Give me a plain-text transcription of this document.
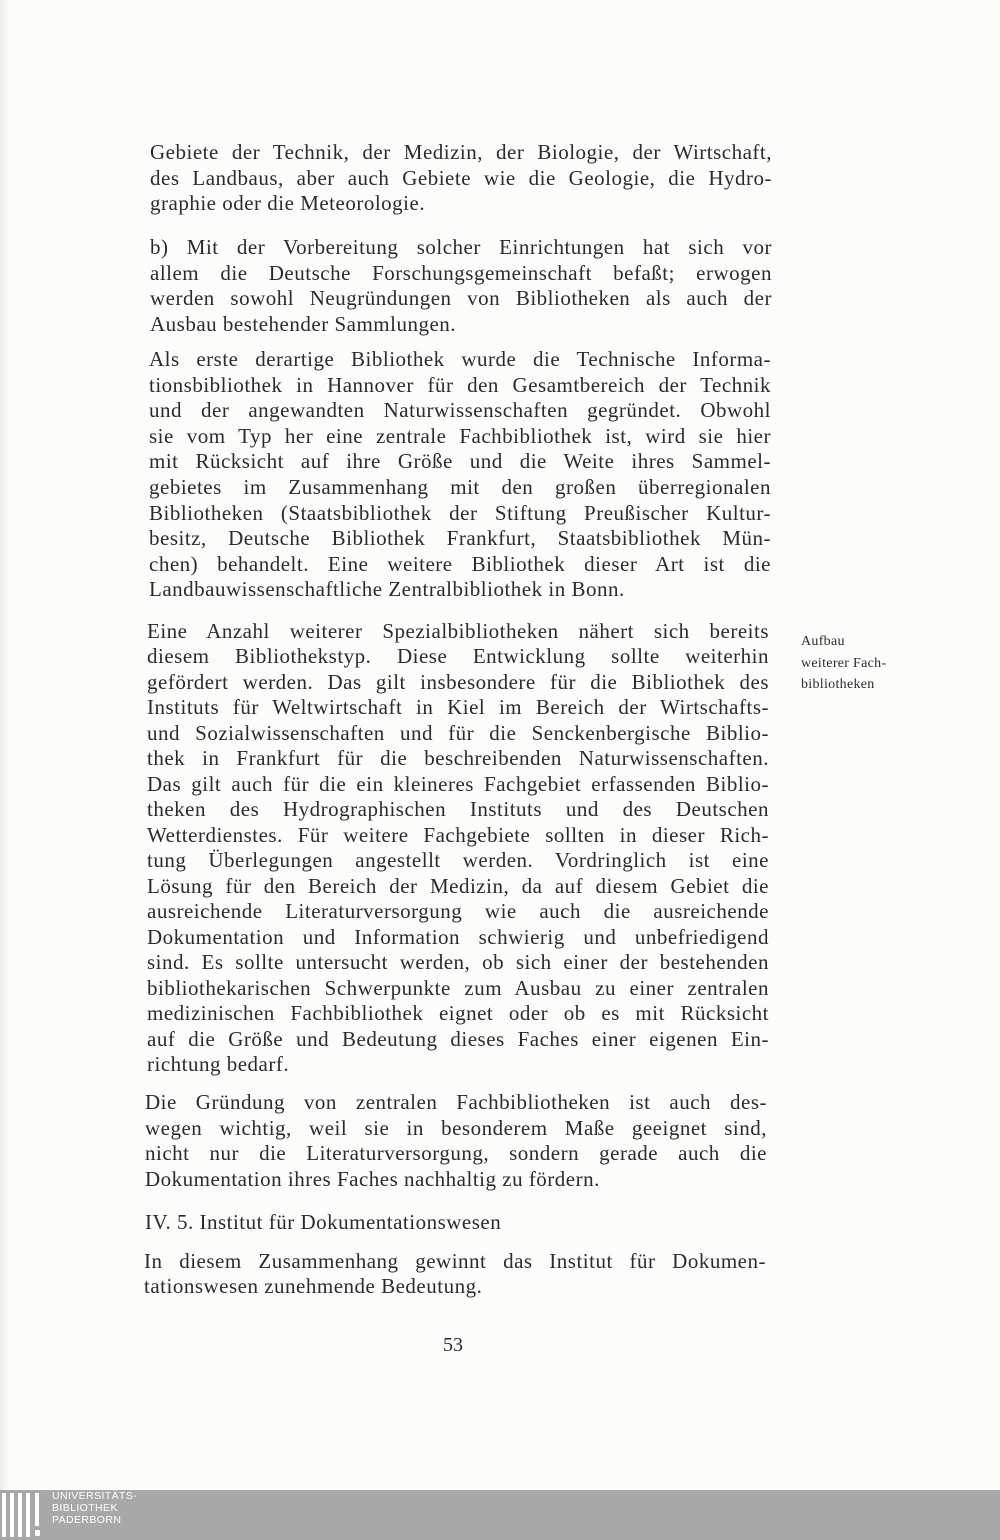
Gebiete der Technik, der Medizin, der Biologie, der Wirtschaft,
des Landbaus, aber auch Gebiete wie die Geologie, die Hydro-
graphie oder die Meteorologie.
b) Mit der Vorbereitung solcher Einrichtungen hat sich vor
allem die Deutsche Forschungsgemeinschaft befaßt; erwogen
werden sowohl Neugründungen von Bibliotheken als auch der
Ausbau bestehender Sammlungen.
Als erste derartige Bibliothek wurde die Technische Informa-
tionsbibliothek in Hannover für den Gesamtbereich der Technik
und der angewandten Naturwissenschaften gegründet. Obwohl
sie vom Typ her eine zentrale Fachbibliothek ist, wird sie hier
mit Rücksicht auf ihre Größe und die Weite ihres Sammel-
gebietes im Zusammenhang mit den großen überregionalen
Bibliotheken (Staatsbibliothek der Stiftung Preußischer Kultur-
besitz, Deutsche Bibliothek Frankfurt, Staatsbibliothek Mün-
chen) behandelt. Eine weitere Bibliothek dieser Art ist die
Landbauwissenschaftliche Zentralbibliothek in Bonn.
Eine Anzahl weiterer Spezialbibliotheken nähert sich bereits
diesem Bibliothekstyp. Diese Entwicklung sollte weiterhin
gefördert werden. Das gilt insbesondere für die Bibliothek des
Instituts für Weltwirtschaft in Kiel im Bereich der Wirtschafts-
und Sozialwissenschaften und für die Senckenbergische Biblio-
thek in Frankfurt für die beschreibenden Naturwissenschaften.
Das gilt auch für die ein kleineres Fachgebiet erfassenden Biblio-
theken des Hydrographischen Instituts und des Deutschen
Wetterdienstes. Für weitere Fachgebiete sollten in dieser Rich-
tung Überlegungen angestellt werden. Vordringlich ist eine
Lösung für den Bereich der Medizin, da auf diesem Gebiet die
ausreichende Literaturversorgung wie auch die ausreichende
Dokumentation und Information schwierig und unbefriedigend
sind. Es sollte untersucht werden, ob sich einer der bestehenden
bibliothekarischen Schwerpunkte zum Ausbau zu einer zentralen
medizinischen Fachbibliothek eignet oder ob es mit Rücksicht
auf die Größe und Bedeutung dieses Faches einer eigenen Ein-
richtung bedarf.
Aufbau
weiterer Fach-
bibliotheken
Die Gründung von zentralen Fachbibliotheken ist auch des-
wegen wichtig, weil sie in besonderem Maße geeignet sind,
nicht nur die Literaturversorgung, sondern gerade auch die
Dokumentation ihres Faches nachhaltig zu fördern.
IV. 5. Institut für Dokumentationswesen
In diesem Zusammenhang gewinnt das Institut für Dokumen-
tationswesen zunehmende Bedeutung.
53
UNIVERSITÄTS-
BIBLIOTHEK
PADERBORN
